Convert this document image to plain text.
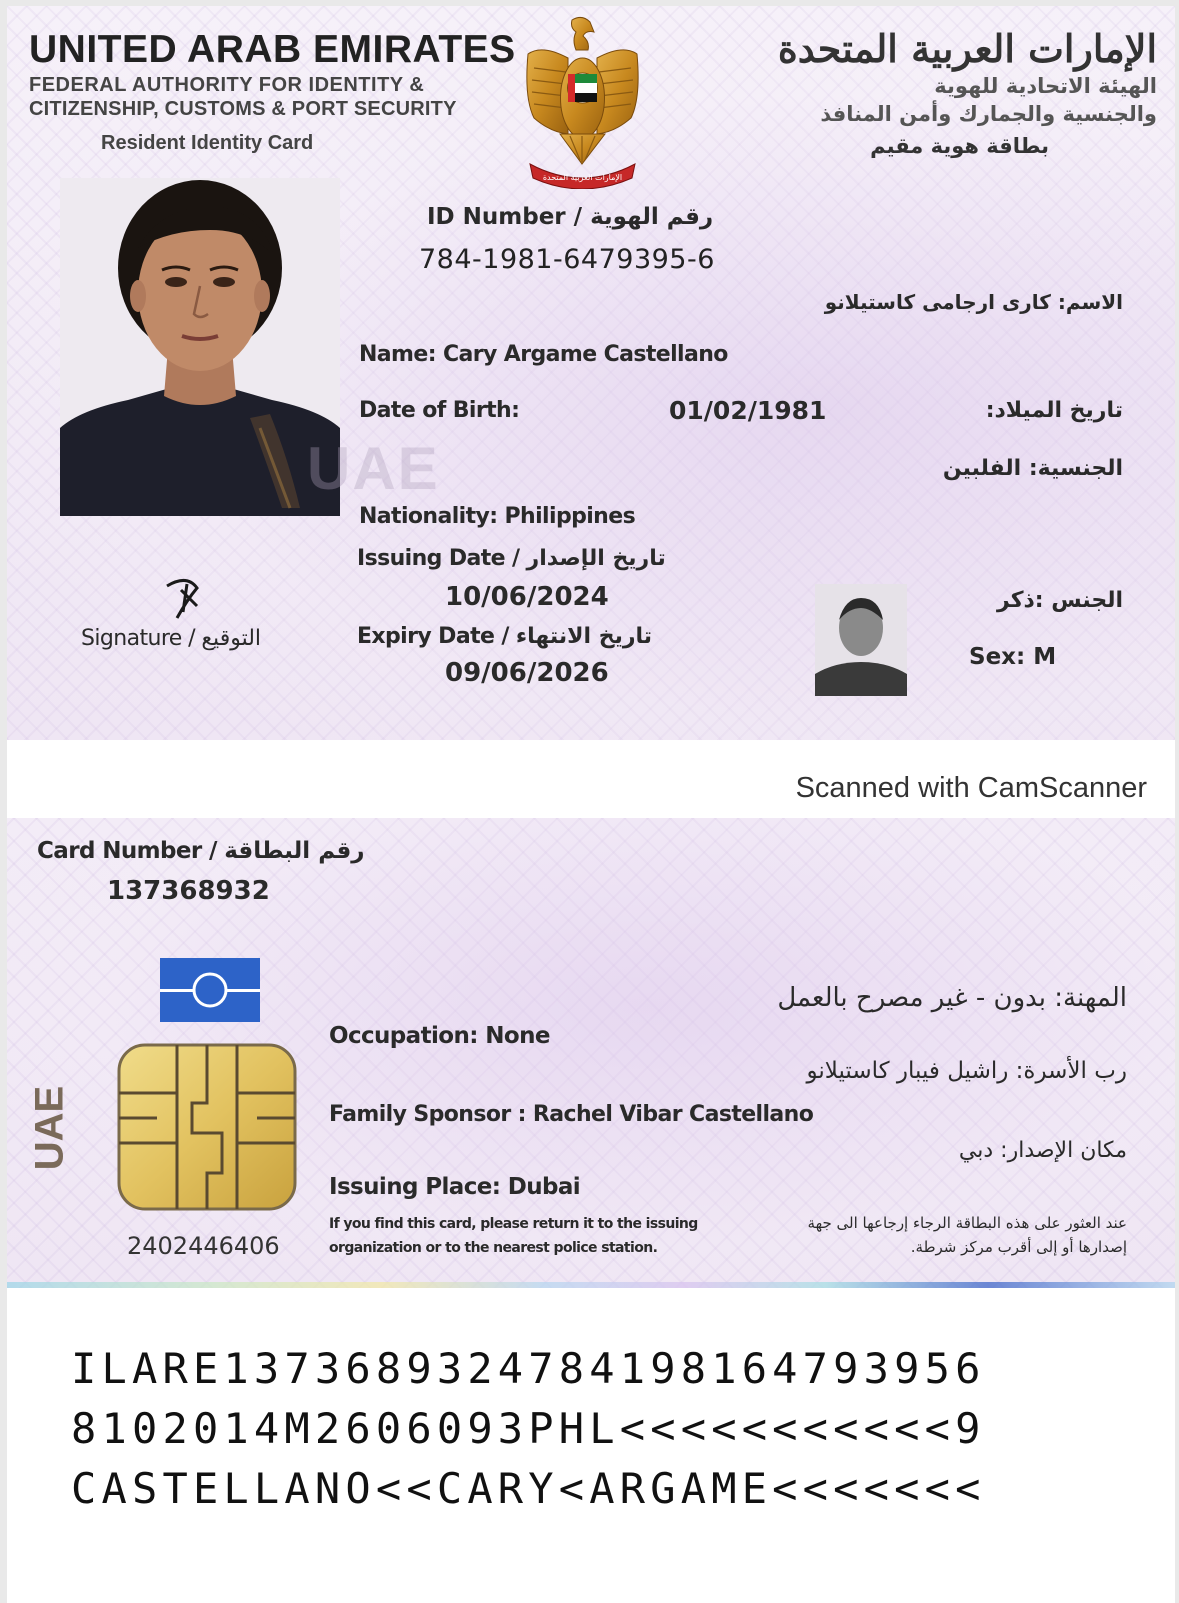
UNITED ARAB EMIRATES
FEDERAL AUTHORITY FOR IDENTITY &
CITIZENSHIP, CUSTOMS & PORT SECURITY
Resident Identity Card
الإمارات العربية المتحدة
الهيئة الاتحادية للهوية
والجنسية والجمارك وأمن المنافذ
بطاقة هوية مقيم
الإمارات العربية المتحدة
UAE
ID Number / رقم الهوية
784-1981-6479395-6
الاسم: كارى ارجامى كاستيلانو
Name: Cary Argame Castellano
Date of Birth:	01/02/1981	تاريخ الميلاد:
الجنسية: الفلبين
Nationality: Philippines
Issuing Date / تاريخ الإصدار
10/06/2024
Expiry Date / تاريخ الانتهاء
09/06/2026
Signature / التوقيع
الجنس :ذكر
Sex: M
Scanned with CamScanner
Card Number / رقم البطاقة
137368932
UAE
2402446406
المهنة: بدون - غير مصرح بالعمل
Occupation: None
رب الأسرة: راشيل فيبار كاستيلانو
Family Sponsor : Rachel Vibar Castellano
مكان الإصدار: دبي
Issuing Place: Dubai
If you find this card, please return it to the issuing
organization or to the nearest police station.
عند العثور على هذه البطاقة الرجاء إرجاعها الى جهة
إصدارها أو إلى أقرب مركز شرطة.
ILARE1373689324784198164793956
8102014M2606093PHL<<<<<<<<<<<9
CASTELLANO<<CARY<ARGAME<<<<<<<
